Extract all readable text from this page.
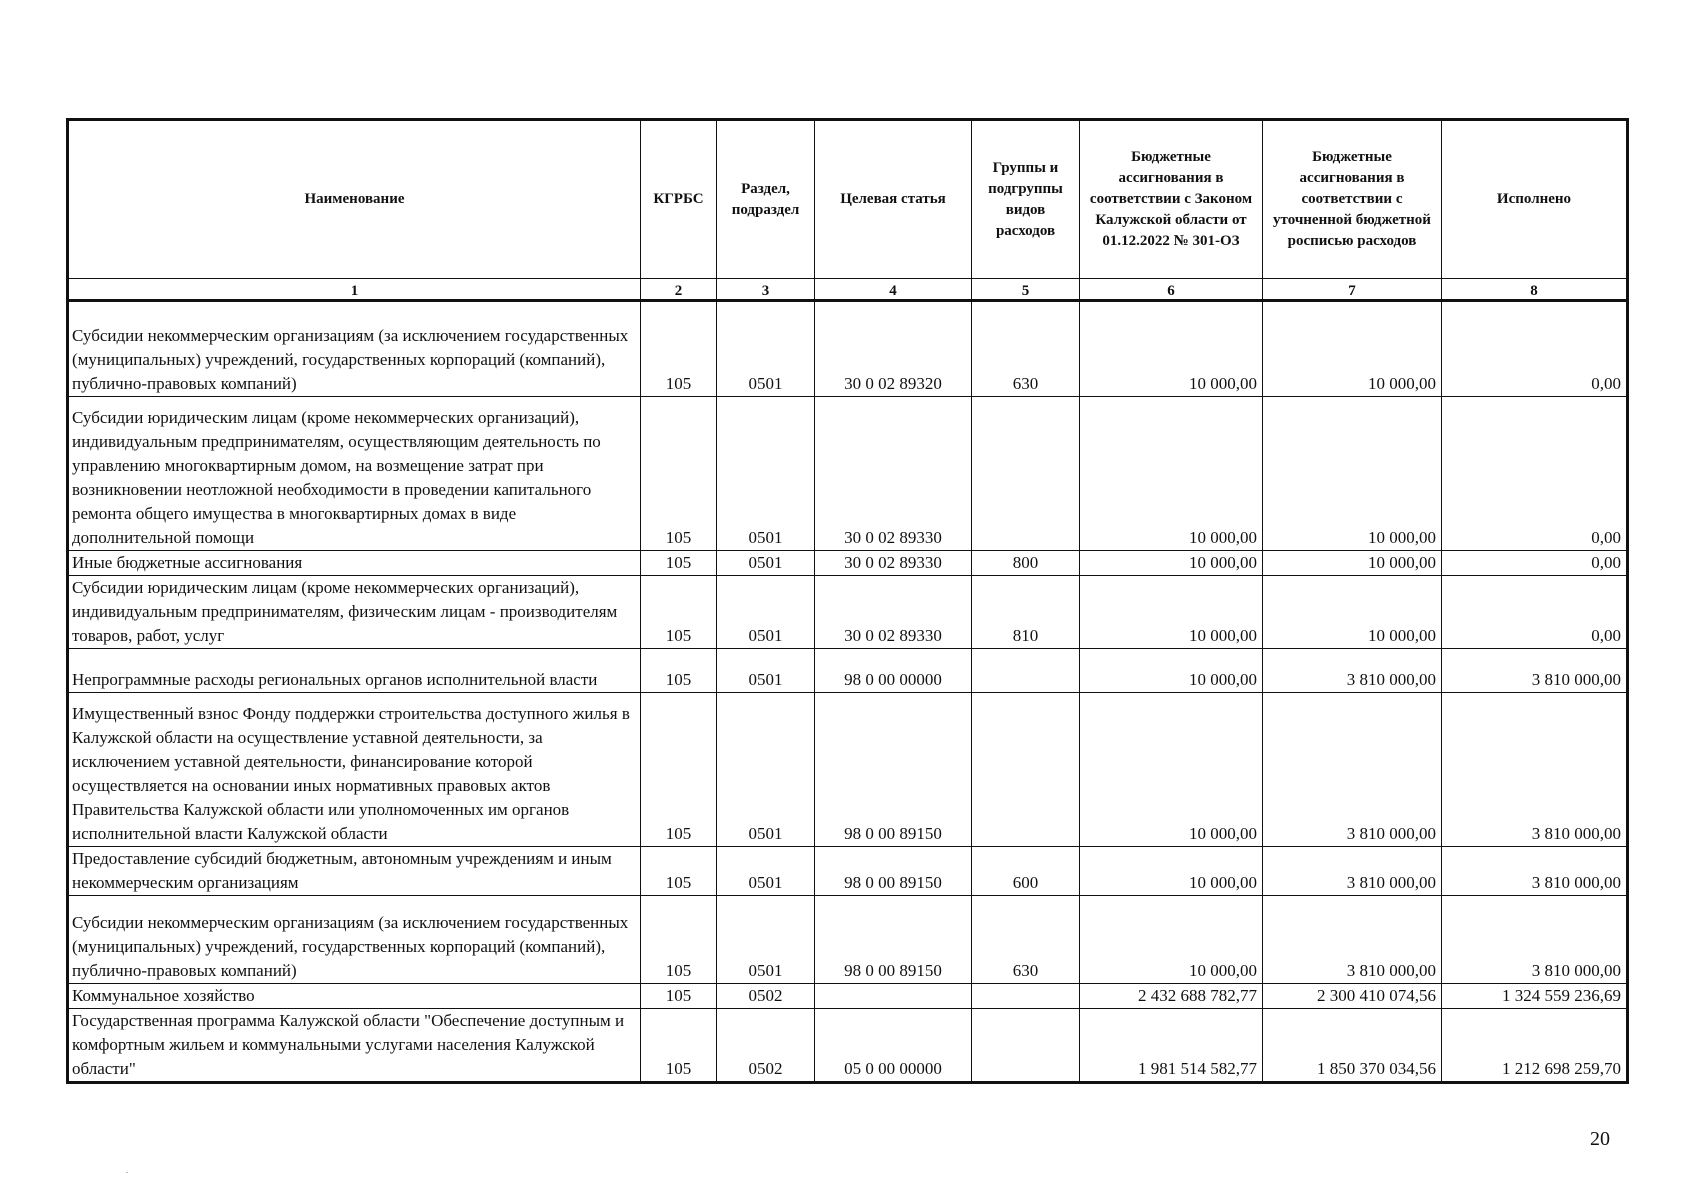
Наименование	КГРБС	Раздел, подраздел	Целевая статья	Группы и подгруппы видов расходов	Бюджетные ассигнования в соответствии с Законом Калужской области от 01.12.2022 № 301-ОЗ	Бюджетные ассигнования в соответствии с уточненной бюджетной росписью расходов	Исполнено
1	2	3	4	5	6	7	8
Субсидии некоммерческим организациям (за исключением государственных (муниципальных) учреждений, государственных корпораций (компаний), публично-правовых компаний)	105	0501	30 0 02 89320	630	10 000,00	10 000,00	0,00
Субсидии юридическим лицам (кроме некоммерческих организаций), индивидуальным предпринимателям, осуществляющим деятельность по управлению многоквартирным домом, на возмещение затрат при возникновении неотложной необходимости в проведении капитального ремонта общего имущества в многоквартирных домах в виде дополнительной помощи	105	0501	30 0 02 89330		10 000,00	10 000,00	0,00
Иные бюджетные ассигнования	105	0501	30 0 02 89330	800	10 000,00	10 000,00	0,00
Субсидии юридическим лицам (кроме некоммерческих организаций), индивидуальным предпринимателям, физическим лицам - производителям товаров, работ, услуг	105	0501	30 0 02 89330	810	10 000,00	10 000,00	0,00
Непрограммные расходы региональных органов исполнительной власти	105	0501	98 0 00 00000		10 000,00	3 810 000,00	3 810 000,00
Имущественный взнос Фонду поддержки строительства доступного жилья в Калужской области на осуществление уставной деятельности, за исключением уставной деятельности, финансирование которой осуществляется на основании иных нормативных правовых актов Правительства Калужской области или уполномоченных им органов исполнительной власти Калужской области	105	0501	98 0 00 89150		10 000,00	3 810 000,00	3 810 000,00
Предоставление субсидий бюджетным, автономным учреждениям и иным некоммерческим организациям	105	0501	98 0 00 89150	600	10 000,00	3 810 000,00	3 810 000,00
Субсидии некоммерческим организациям (за исключением государственных (муниципальных) учреждений, государственных корпораций (компаний), публично-правовых компаний)	105	0501	98 0 00 89150	630	10 000,00	3 810 000,00	3 810 000,00
Коммунальное хозяйство	105	0502			2 432 688 782,77	2 300 410 074,56	1 324 559 236,69
Государственная программа Калужской области "Обеспечение доступным и комфортным жильем и коммунальными услугами населения Калужской области"	105	0502	05 0 00 00000		1 981 514 582,77	1 850 370 034,56	1 212 698 259,70
20
